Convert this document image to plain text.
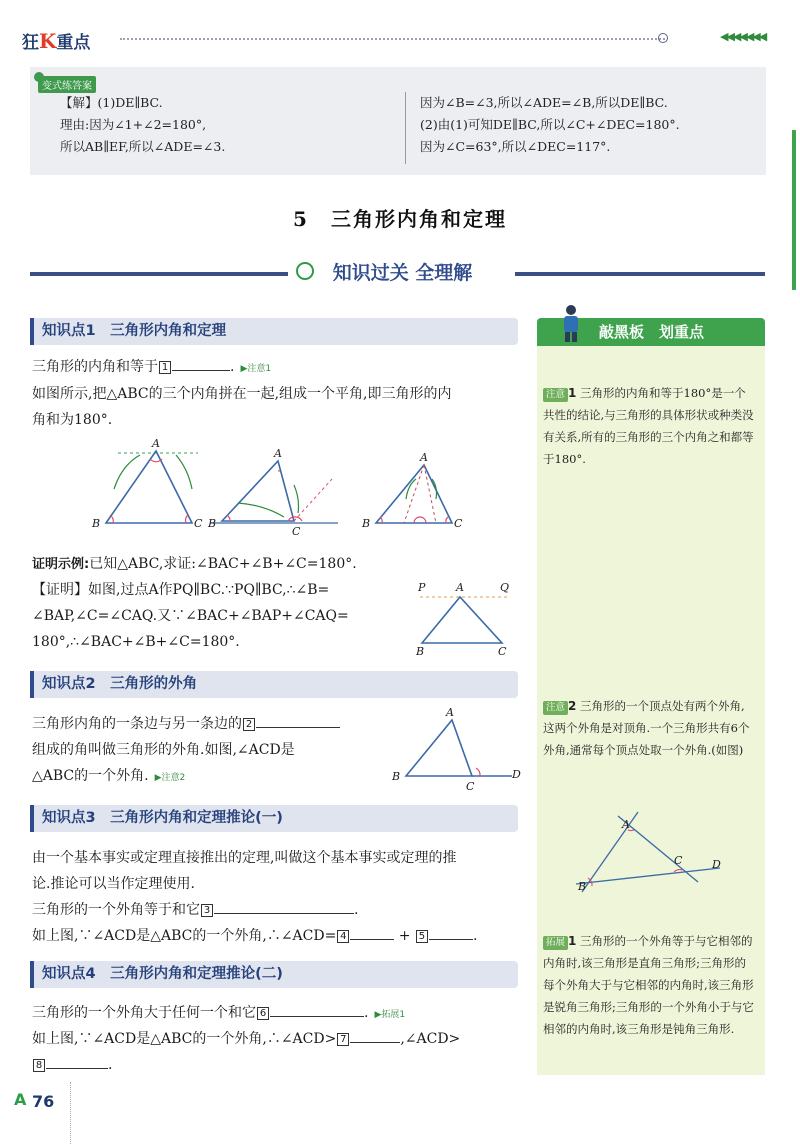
狂K重点	◀◀◀◀◀◀◀
变式练答案
【解】(1)DE∥BC.
理由:因为∠1+∠2=180°,
所以AB∥EF,所以∠ADE=∠3.
因为∠B=∠3,所以∠ADE=∠B,所以DE∥BC.
(2)由(1)可知DE∥BC,所以∠C+∠DEC=180°.
因为∠C=63°,所以∠DEC=117°.
5　三角形内角和定理
知识过关 全理解
知识点1　三角形内角和定理
三角形的内角和等于 1	. ▶注意1
如图所示,把△ABC的三个内角拼在一起,组成一个平角,即三角形的内
角和为180°.
A
B	C
A
B
C
A
B	C
证明示例:已知△ABC,求证:∠BAC+∠B+∠C=180°.
【证明】如图,过点A作PQ∥BC.∵PQ∥BC,∴∠B=
∠BAP,∠C=∠CAQ.又∵∠BAC+∠BAP+∠CAQ=
180°,∴∠BAC+∠B+∠C=180°.
P	A	Q
B	C
知识点2　三角形的外角
三角形内角的一条边与另一条边的 2
组成的角叫做三角形的外角.如图,∠ACD是
△ABC的一个外角. ▶注意2
A
B
C
D
知识点3　三角形内角和定理推论(一)
由一个基本事实或定理直接推出的定理,叫做这个基本事实或定理的推
论.推论可以当作定理使用.
三角形的一个外角等于和它 3	.
如上图,∵∠ACD是△ABC的一个外角,∴∠ACD= 4	+ 5	.
知识点4　三角形内角和定理推论(二)
三角形的一个外角大于任何一个和它 6	. ▶拓展1
如上图,∵∠ACD是△ABC的一个外角,∴∠ACD> 7	,∠ACD>
8	.
敲黑板　划重点
注意 1 三角形的内角和等于180°是一个共性的结论,与三角形的具体形状或种类没有关系,所有的三角形的三个内角之和都等于180°.
注意 2 三角形的一个顶点处有两个外角,这两个外角是对顶角.一个三角形共有6个外角,通常每个顶点处取一个外角.(如图)
A
B
C	D
拓展 1 三角形的一个外角等于与它相邻的内角时,该三角形是直角三角形;三角形的每个外角大于与它相邻的内角时,该三角形是锐角三角形;三角形的一个外角小于与它相邻的内角时,该三角形是钝角三角形.
A 76
